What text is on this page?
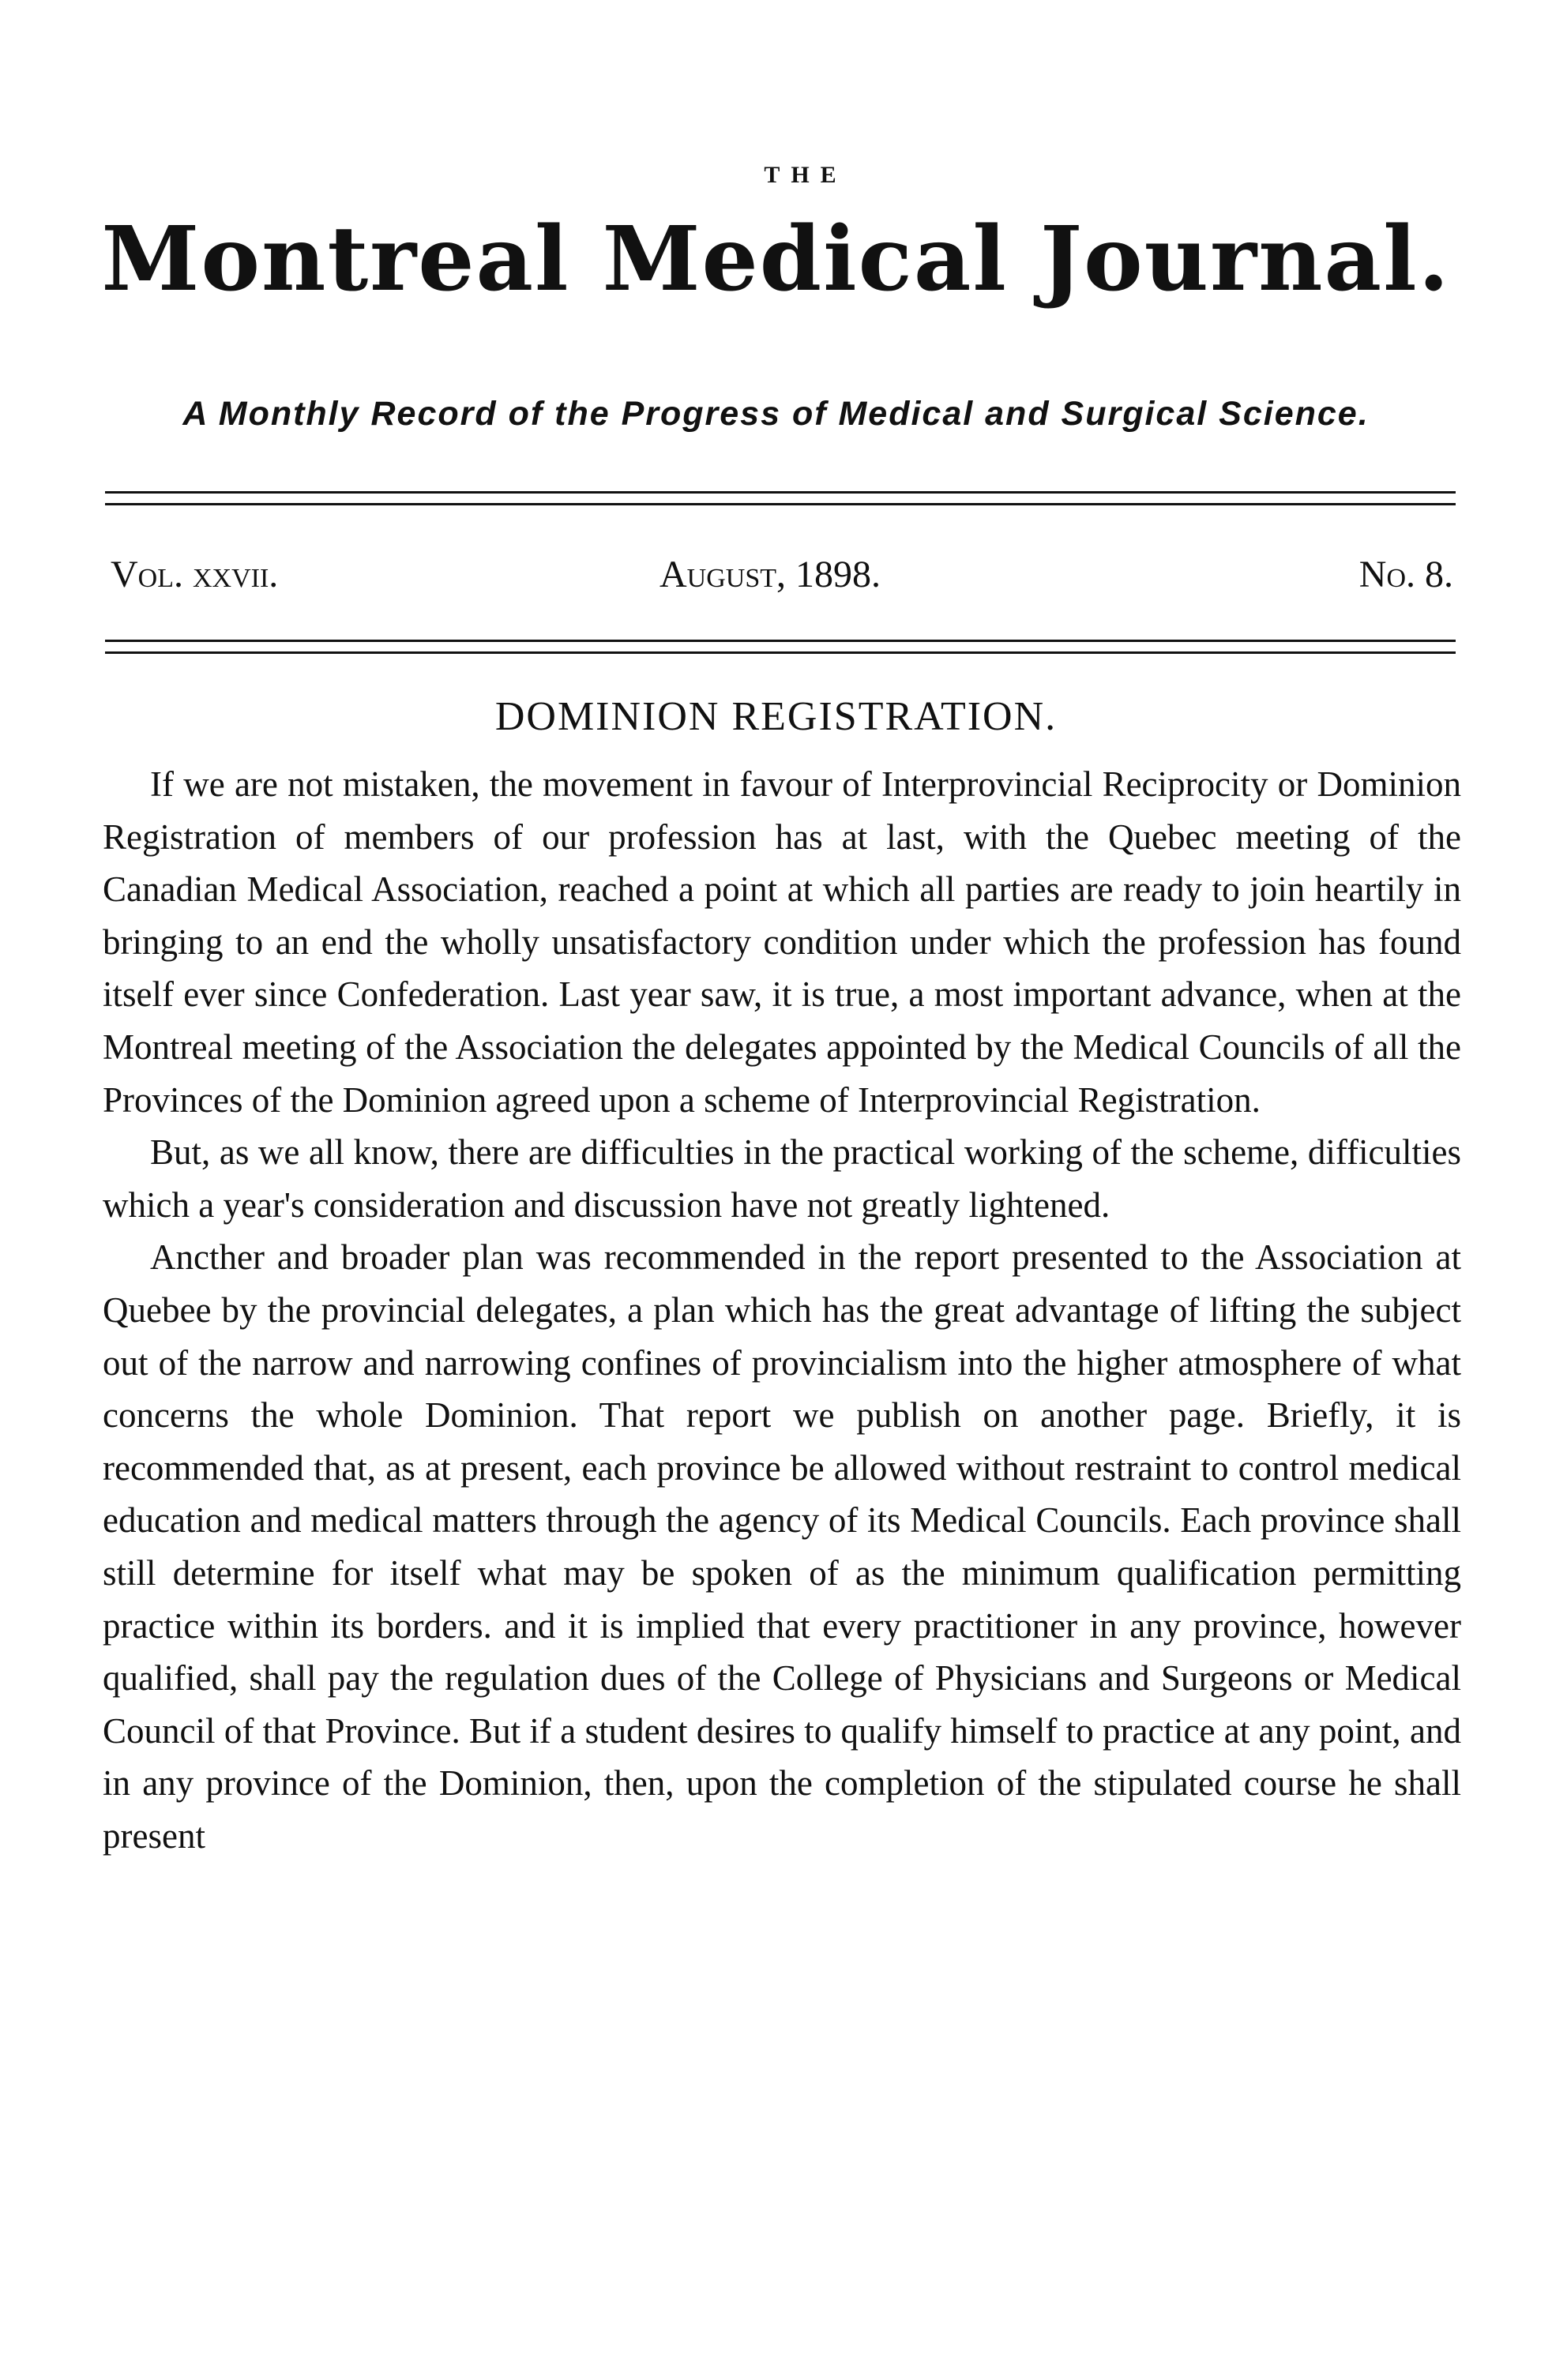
THE
Montreal Medical Journal.
A Monthly Record of the Progress of Medical and Surgical Science.
Vol. xxvii.	August, 1898.	No. 8.
DOMINION REGISTRATION.

If we are not mistaken, the movement in favour of Interprovincial Reciprocity or Dominion Registration of members of our profession has at last, with the Quebec meeting of the Canadian Medical Association, reached a point at which all parties are ready to join heartily in bringing to an end the wholly unsatisfactory condition under which the profession has found itself ever since Confederation. Last year saw, it is true, a most important advance, when at the Montreal meeting of the Association the delegates appointed by the Medical Councils of all the Provinces of the Dominion agreed upon a scheme of Interprovincial Registration.

But, as we all know, there are difficulties in the practical working of the scheme, difficulties which a year's consideration and discussion have not greatly lightened.

Ancther and broader plan was recommended in the report presented to the Association at Quebee by the provincial delegates, a plan which has the great advantage of lifting the subject out of the narrow and narrowing confines of provincialism into the higher atmosphere of what concerns the whole Dominion. That report we publish on another page. Briefly, it is recommended that, as at present, each province be allowed without restraint to control medical education and medical matters through the agency of its Medical Councils. Each province shall still determine for itself what may be spoken of as the minimum qualification permitting practice within its borders. and it is implied that every practitioner in any province, however qualified, shall pay the regulation dues of the College of Physicians and Surgeons or Medical Council of that Province. But if a student desires to qualify himself to practice at any point, and in any province of the Dominion, then, upon the completion of the stipulated course he shall present
